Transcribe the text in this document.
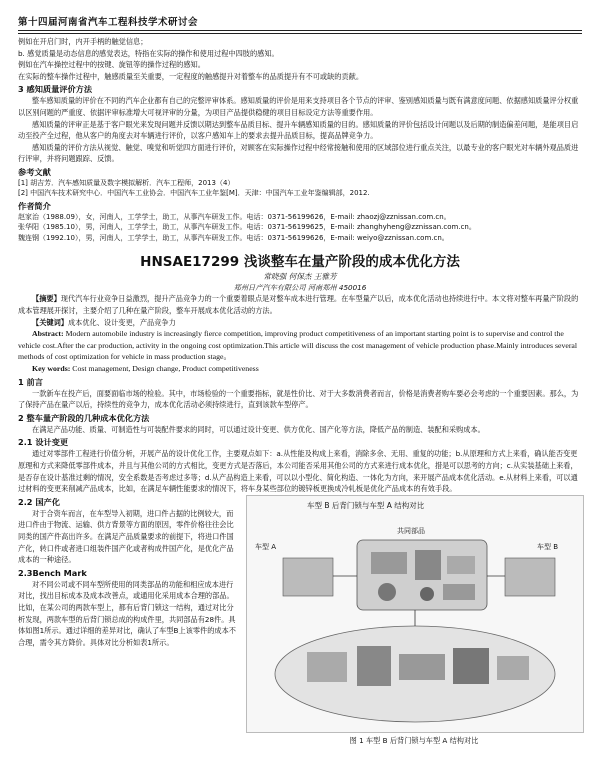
第十四届河南省汽车工程科技学术研讨会

例如在开启门时，内开手柄的触觉信息；

b. 感觉质量是动态信息的感觉表达，特指在实际的操作和使用过程中四肢的感知。

例如在汽车操控过程中的按键、旋钮等的操作过程的感知。

在实际的整车操作过程中，触感质量至关重要，一定程度的触感提升对着整车的品质提升有不可或缺的贡献。

3 感知质量评价方法

整车感知质量的评价在不同的汽车企业都有自己的完整评审体系。感知质量的评价是用来支持项目各个节点的评审、鉴别感知质量与既有满意度问题、依据感知质量评分权重以区别问题的严重度、依据评审标准增大可视评审的分量，为项目产品提供稳健的项目目标设定方法等重要作用。

感知质量的评审正是基于客户眼光来发现问题并反馈以期达到整车品质目标、提升车辆感知质量的目的。感知质量的评价包括设计问题以及后期的制造偏差问题，是能项目启动至投产全过程，他从客户的角度去对车辆进行评价，以客户感知车上的要求去提升品质目标，提高品牌竞争力。

感知质量的评价方法从视觉、触觉、嗅觉和听觉四方面进行评价，对顾客在实际操作过程中经常接触和使用的区域部位进行重点关注，以最专业的客户眼光对车辆外观品质进行评审，并将问题跟踪、反馈。

参考文献

[1] 胡吉芳．汽车感知质量及数字模拟解析．汽车工程师，2013（4）

[2] 中国汽车技术研究中心．中国汽车工业协会．中国汽车工业年鉴[M]．天津：中国汽车工业年鉴编辑部，2012.

作者简介

赵家治（1988.09），女，河南人，工学学士，助工，从事汽车研发工作。电话：0371-56199626，E-mail: zhaozj@zznissan.com.cn。

张华阳（1985.10），男，河南人，工学学士，助工，从事汽车研发工作。电话：0371-56199625，E-mail: zhanghyheng@zznissan.com.cn。

魏连钢（1992.10），男，河南人，工学学士，助工，从事汽车研发工作。电话：0371-56199626，E-mail: weiyo@zznissan.com.cn。

HNSAE17299 浅谈整车在量产阶段的成本优化方法

常晓强 何保杰 王雅芳

郑州日产汽车有限公司 河南郑州 450016

【摘要】现代汽车行业竞争日益激烈，提升产品竞争力的一个重要着眼点是对整车成本进行管理。在车型量产以后，成本优化活动也持续进行中。本文将对整车再量产阶段的成本管理展开探讨，主要介绍了几种在量产阶段，整车开展成本优化活动的方法。

【关键词】成本优化、设计变更，产品竞争力

Abstract: Modern automobile industry is increasingly fierce competition, improving product competitiveness of an important starting point is to supervise and control the vehicle cost.After the car production, activity in the ongoing cost optimization.This article will discuss the cost management of vehicle production phase.Mainly introduces several methods of cost optimization for vehicle in mass production stage。

Key words: Cost management, Design change, Product competitiveness

1 前言

一款新车在投产后，面要面临市场的检验。其中，市场检验的一个重要指标，就是性价比、对于大多数消费者而言，价格是消费者购车要必会考虑的一个重要因素。那么，为了保持产品在量产以后，持续性的竞争力，成本优化活动必须持续进行，直到该款车型停产。

2 整车量产阶段的几种成本优化方法

在满足产品功能、质量、可制造性与可装配件要求的同时，可以通过设计变更、供方优化、国产化等方法，降低产品的制造、装配和采购成本。

2.1 设计变更

通过对零部件工程进行价值分析，开展产品的设计优化工作，主要观点如下：a.从性能及构成上来看，消除多余、无用、重复的功能；b.从原理和方式上来看，确认能否变更原理和方式来降低零部件成本，并且与其他公司的方式相比，变更方式是否落后，本公司能否采用其他公司的方式来进行成本优化，措是可以思考的方向；c.从实装基础上来看，是否存在设计基准过剩的情况，安全系数是否考虑过多等；d.从产品构造上来看，可以以小型化、简化构造、一体化为方向，来开展产品成本优化活动。e.从材料上来看，可以通过材料的变更来削减产品成本，比如，在满足车辆性能要求的情况下，将车身某些部位的镀锌板更换成冷轧板是优化产品成本的有效手段。

2.2 国产化

对于合资车而言，在车型导入初期，进口件占据的比例较大，而进口件由于物流、运输、供方背景等方面的原因，零件价格往往会比同类的国产件高出许多。在满足产品质量要求的前提下，将进口件国产化，转口件或者进口组装件国产化或者构成件国产化，是优化产品成本的一种途径。

2.3Bench Mark

对不同公司或不同车型所使用的同类部品的功能和相应成本进行对比，找出目标成本及成本改善点，或通用化采用成本合理的部品。比如，在某公司的两款车型上，都有后背门锁这一结构，通过对比分析发现，两款车型的后背门锁总成的构成件里，共同部品有28件。具体如图1所示。通过详细的差异对比，确认了车型B上该零件的成本不合理，需令其方降价。具体对比分析如表1所示。

车型 B 后背门锁与车型 A 结构对比
车型 A	车型 B
共同部品
图 1 车型 B 后背门锁与车型 A 结构对比
